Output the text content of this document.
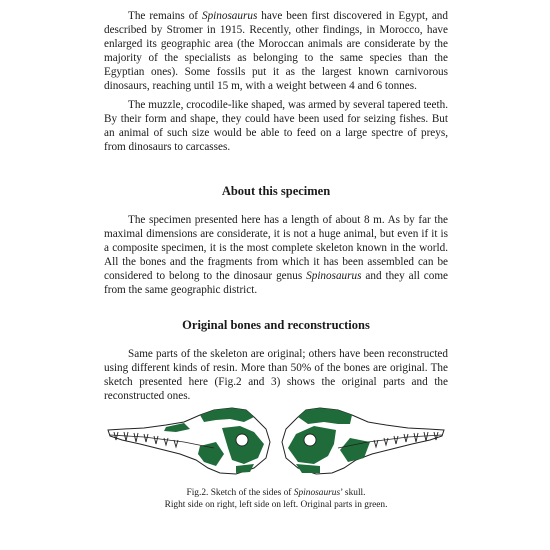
The remains of Spinosaurus have been first discovered in Egypt, and described by Stromer in 1915. Recently, other findings, in Morocco, have enlarged its geographic area (the Moroccan animals are considerate by the majority of the specialists as belonging to the same species than the Egyptian ones). Some fossils put it as the largest known carnivorous dinosaurs, reaching until 15 m, with a weight between 4 and 6 tonnes.

The muzzle, crocodile-like shaped, was armed by several tapered teeth. By their form and shape, they could have been used for seizing fishes. But an animal of such size would be able to feed on a large spectre of preys, from dinosaurs to carcasses.

About this specimen

The specimen presented here has a length of about 8 m. As by far the maximal dimensions are considerate, it is not a huge animal, but even if it is a composite specimen, it is the most complete skeleton known in the world. All the bones and the fragments from which it has been assembled can be considered to belong to the dinosaur genus Spinosaurus and they all come from the same geographic district.

Original bones and reconstructions

Same parts of the skeleton are original; others have been reconstructed using different kinds of resin. More than 50% of the bones are original. The sketch presented here (Fig.2 and 3) shows the original parts and the reconstructed ones.

Fig.2. Sketch of the sides of Spinosaurus’ skull.

Right side on right, left side on left. Original parts in green.
